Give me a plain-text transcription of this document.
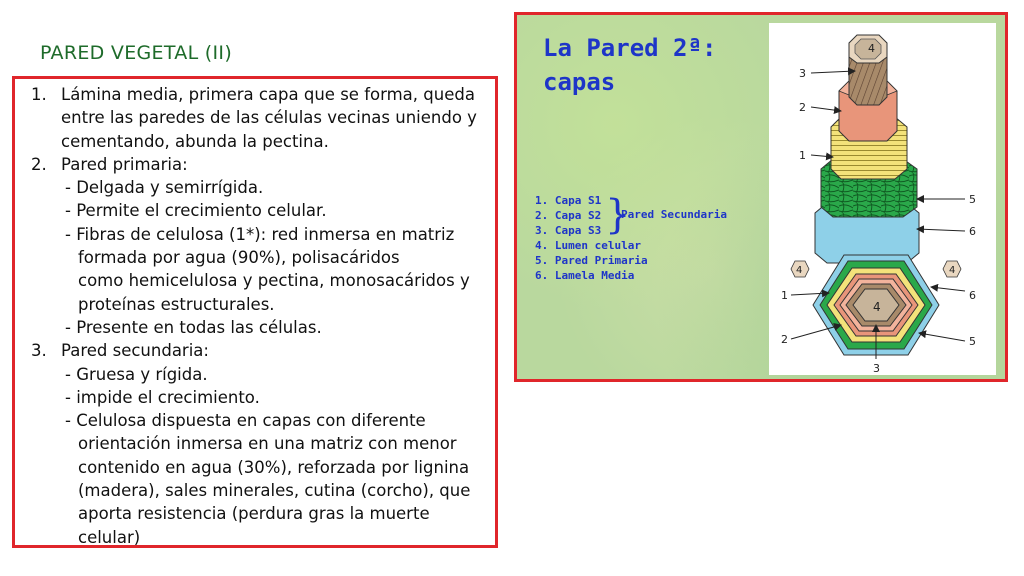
PARED VEGETAL (II)
1. Lámina media, primera capa que se forma, queda
entre las paredes de las células vecinas uniendo y
cementando, abunda la pectina.
2. Pared primaria:
- Delgada y semirrígida.
- Permite el crecimiento celular.
- Fibras de celulosa (1*): red inmersa en matriz
formada por agua (90%), polisacáridos
como hemicelulosa y pectina, monosacáridos y
proteínas estructurales.
- Presente en todas las células.
3. Pared secundaria:
- Gruesa y rígida.
- impide el crecimiento.
- Celulosa dispuesta en capas con diferente
orientación inmersa en una matriz con menor
contenido en agua (30%), reforzada por lignina
(madera), sales minerales, cutina (corcho), que
aporta resistencia (perdura gras la muerte
celular)
La Pared 2ª:
capas
1. Capa S1
2. Capa S2
3. Capa S3
4. Lumen celular
5. Pared Primaria
6. Lamela Media
}
Pared Secundaria
4
3
2
1
5
6
4	4
4
1	6
2	5
3
